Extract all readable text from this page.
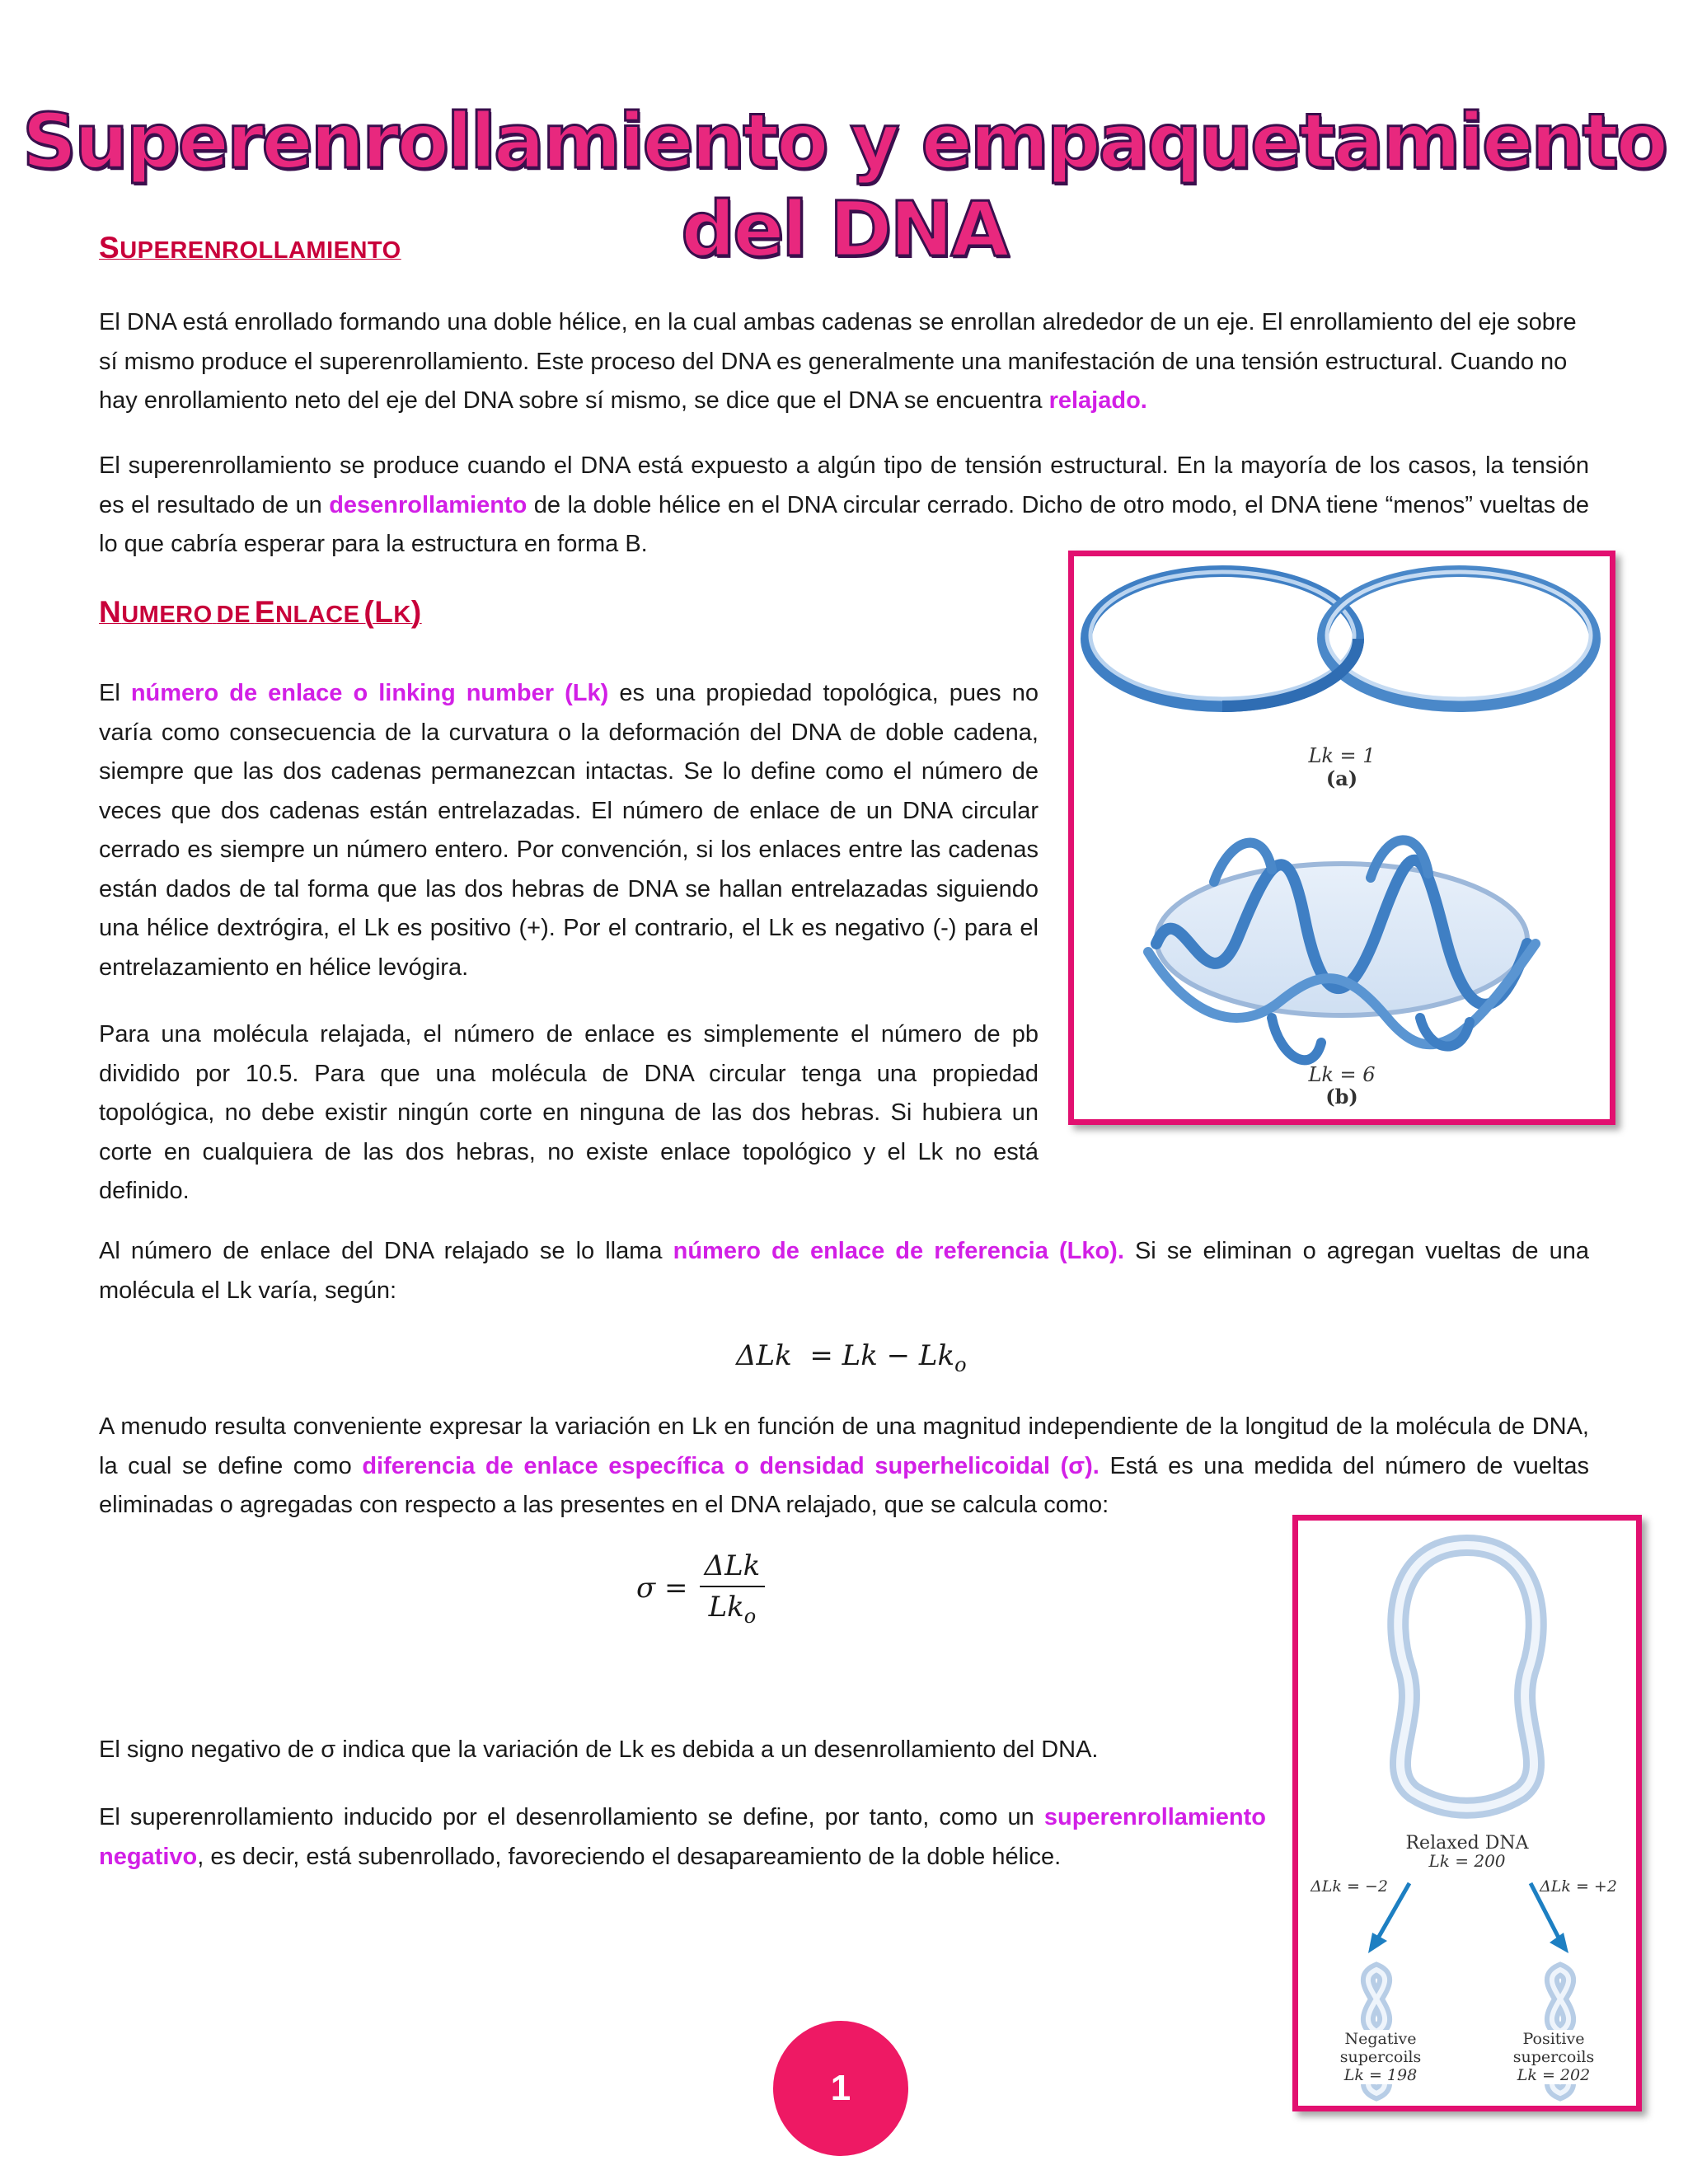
Superenrollamiento y empaquetamiento del DNA
SUPERENROLLAMIENTO
El DNA está enrollado formando una doble hélice, en la cual ambas cadenas se enrollan alrededor de un eje. El enrollamiento del eje sobre sí mismo produce el superenrollamiento. Este proceso del DNA es generalmente una manifestación de una tensión estructural. Cuando no hay enrollamiento neto del eje del DNA sobre sí mismo, se dice que el DNA se encuentra relajado.
El superenrollamiento se produce cuando el DNA está expuesto a algún tipo de tensión estructural. En la mayoría de los casos, la tensión es el resultado de un desenrollamiento de la doble hélice en el DNA circular cerrado. Dicho de otro modo, el DNA tiene “menos” vueltas de lo que cabría esperar para la estructura en forma B.
NUMERO DE ENLACE (LK)
El número de enlace o linking number (Lk) es una propiedad topológica, pues no varía como consecuencia de la curvatura o la deformación del DNA de doble cadena, siempre que las dos cadenas permanezcan intactas. Se lo define como el número de veces que dos cadenas están entrelazadas. El número de enlace de un DNA circular cerrado es siempre un número entero. Por convención, si los enlaces entre las cadenas están dados de tal forma que las dos hebras de DNA se hallan entrelazadas siguiendo una hélice dextrógira, el Lk es positivo (+). Por el contrario, el Lk es negativo (-) para el entrelazamiento en hélice levógira.
Para una molécula relajada, el número de enlace es simplemente el número de pb dividido por 10.5. Para que una molécula de DNA circular tenga una propiedad topológica, no debe existir ningún corte en ninguna de las dos hebras. Si hubiera un corte en cualquiera de las dos hebras, no existe enlace topológico y el Lk no está definido.
Lk = 1
(a)
Lk = 6
(b)
Al número de enlace del DNA relajado se lo llama número de enlace de referencia (Lko). Si se eliminan o agregan vueltas de una molécula el Lk varía, según:
$\Delta Lk = Lk - Lk_o$
A menudo resulta conveniente expresar la variación en Lk en función de una magnitud independiente de la longitud de la molécula de DNA, la cual se define como diferencia de enlace específica o densidad superhelicoidal (σ). Está es una medida del número de vueltas eliminadas o agregadas con respecto a las presentes en el DNA relajado, que se calcula como:
σ =
ΔLk
$Lk_o$
El signo negativo de σ indica que la variación de Lk es debida a un desenrollamiento del DNA.
El superenrollamiento inducido por el desenrollamiento se define, por tanto, como un superenrollamiento negativo, es decir, está subenrollado, favoreciendo el desapareamiento de la doble hélice.	Relaxed DNA
Lk = 200
ΔLk = −2	ΔLk = +2
Negative
supercoils
Lk = 198
Positive
supercoils
Lk = 202
1
